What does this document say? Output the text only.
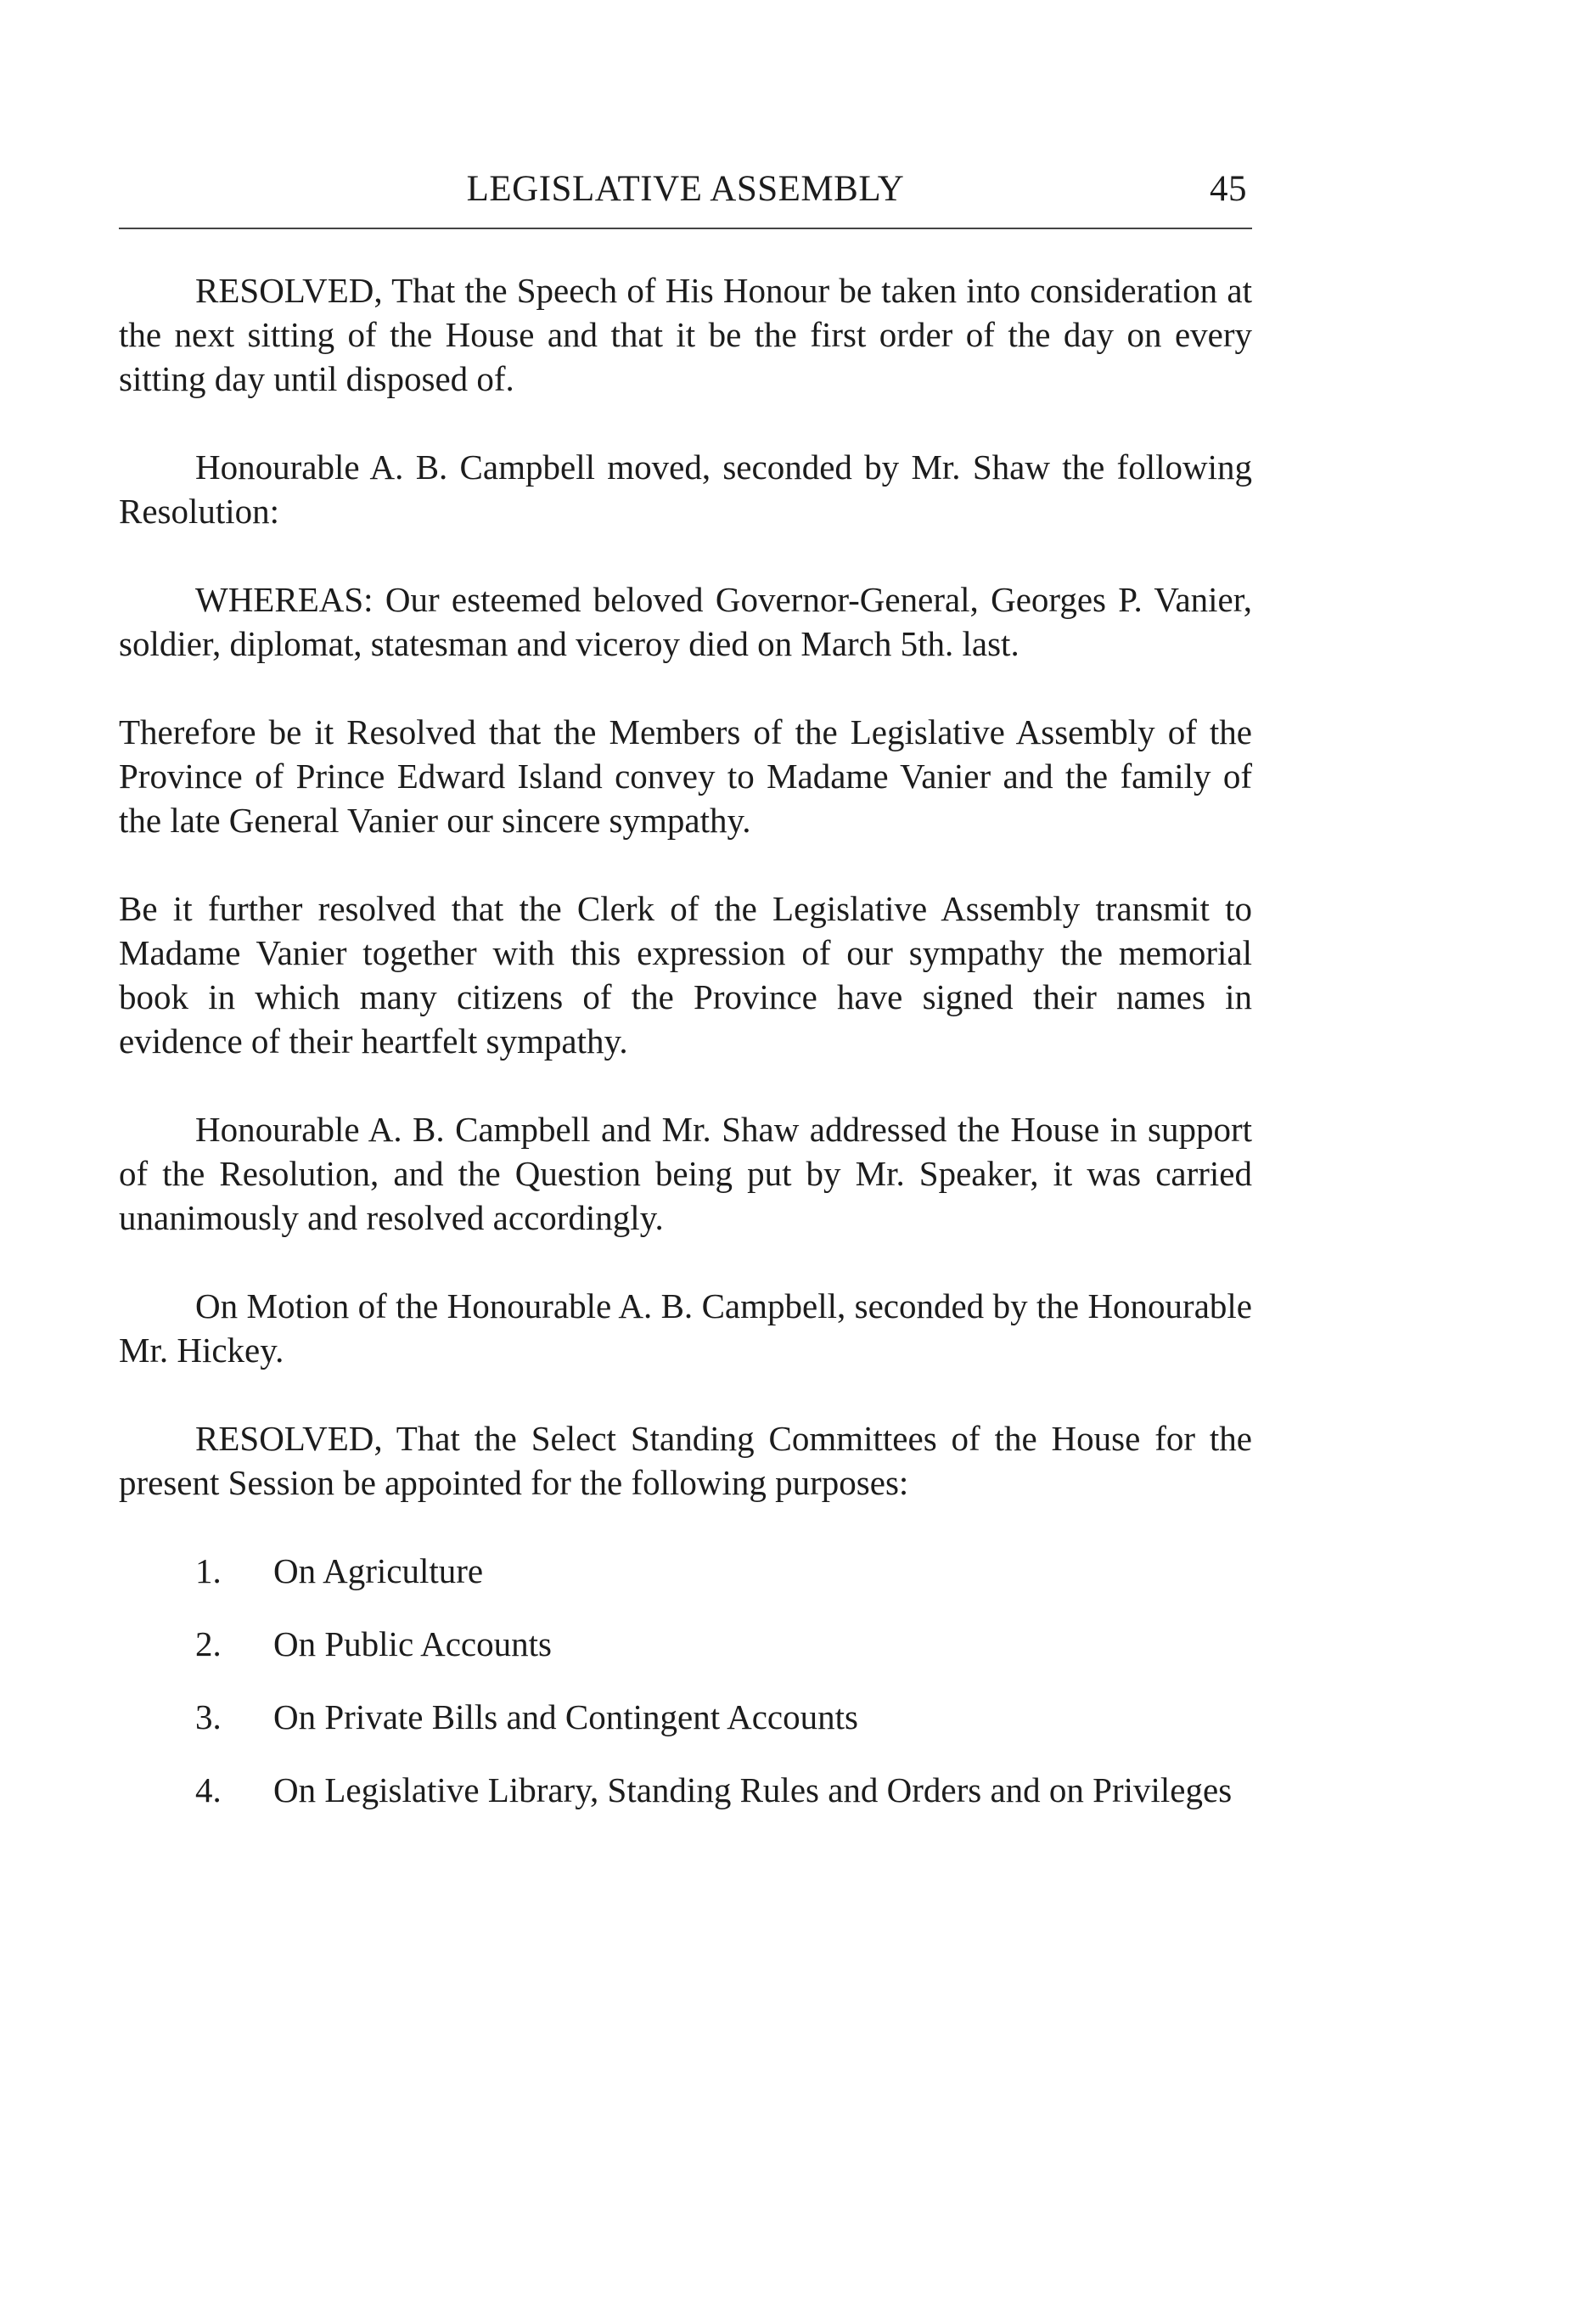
LEGISLATIVE ASSEMBLY	45

RESOLVED, That the Speech of His Honour be taken into consideration at the next sitting of the House and that it be the first order of the day on every sitting day until disposed of.

Honourable A. B. Campbell moved, seconded by Mr. Shaw the following Resolution:

WHEREAS: Our esteemed beloved Governor-General, Georges P. Vanier, soldier, diplomat, statesman and viceroy died on March 5th. last.

Therefore be it Resolved that the Members of the Legislative Assembly of the Province of Prince Edward Island convey to Madame Vanier and the family of the late General Vanier our sincere sympathy.

Be it further resolved that the Clerk of the Legislative Assembly transmit to Madame Vanier together with this expression of our sympathy the memorial book in which many citizens of the Province have signed their names in evidence of their heartfelt sympathy.

Honourable A. B. Campbell and Mr. Shaw addressed the House in support of the Resolution, and the Question being put by Mr. Speaker, it was carried unanimously and resolved accordingly.

On Motion of the Honourable A. B. Campbell, seconded by the Honourable Mr. Hickey.

RESOLVED, That the Select Standing Committees of the House for the present Session be appointed for the following purposes:

1.	On Agriculture
2.	On Public Accounts
3.	On Private Bills and Contingent Accounts
4.	On Legislative Library, Standing Rules and Orders and on Privileges
